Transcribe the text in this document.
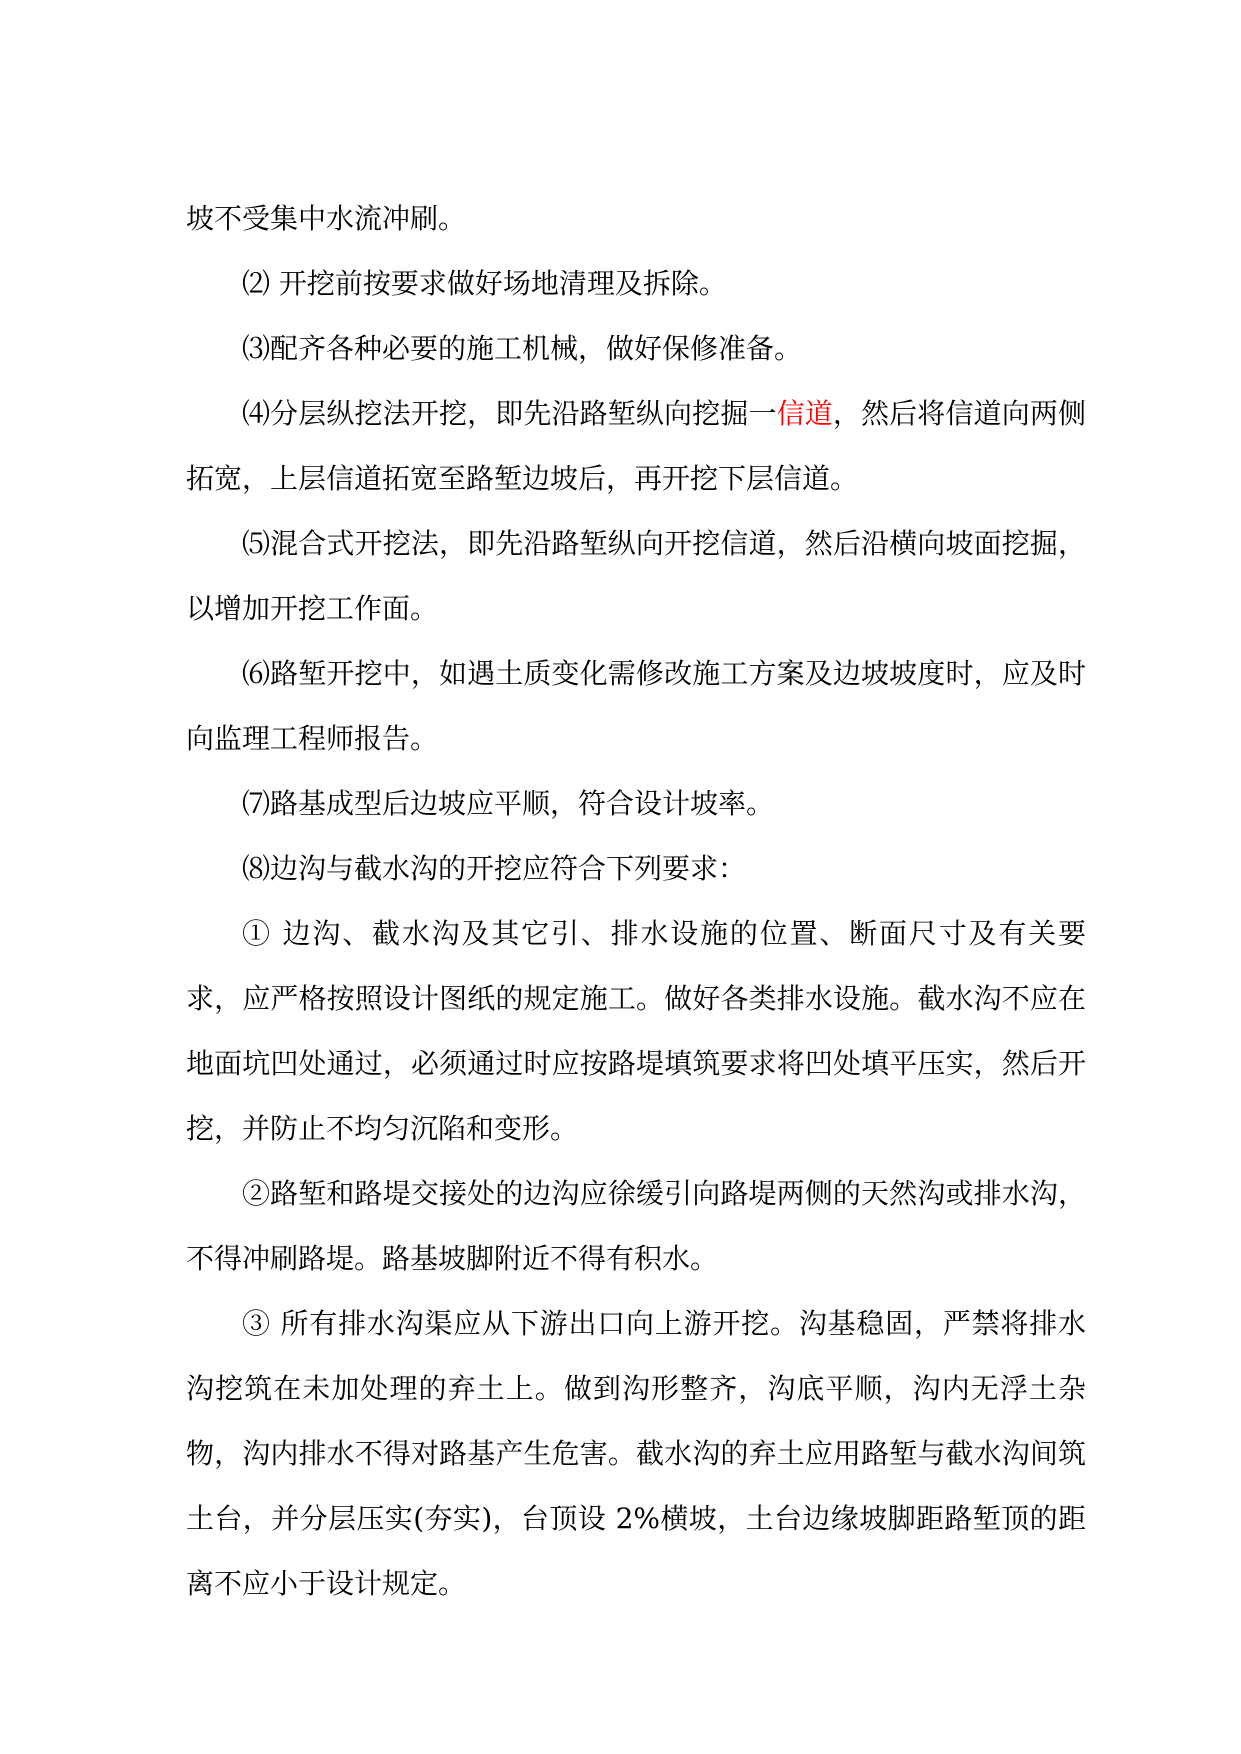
坡不受集中水流冲刷。

⑵ 开挖前按要求做好场地清理及拆除。

⑶配齐各种必要的施工机械，做好保修准备。

⑷分层纵挖法开挖，即先沿路堑纵向挖掘一信道，然后将信道向两侧拓宽，上层信道拓宽至路堑边坡后，再开挖下层信道。

⑸混合式开挖法，即先沿路堑纵向开挖信道，然后沿横向坡面挖掘，以增加开挖工作面。

⑹路堑开挖中，如遇土质变化需修改施工方案及边坡坡度时，应及时向监理工程师报告。

⑺路基成型后边坡应平顺，符合设计坡率。

⑻边沟与截水沟的开挖应符合下列要求：

① 边沟、截水沟及其它引、排水设施的位置、断面尺寸及有关要求，应严格按照设计图纸的规定施工。做好各类排水设施。截水沟不应在地面坑凹处通过，必须通过时应按路堤填筑要求将凹处填平压实，然后开挖，并防止不均匀沉陷和变形。

②路堑和路堤交接处的边沟应徐缓引向路堤两侧的天然沟或排水沟，不得冲刷路堤。路基坡脚附近不得有积水。

③ 所有排水沟渠应从下游出口向上游开挖。沟基稳固，严禁将排水沟挖筑在未加处理的弃土上。做到沟形整齐，沟底平顺，沟内无浮土杂物，沟内排水不得对路基产生危害。截水沟的弃土应用路堑与截水沟间筑土台，并分层压实(夯实)，台顶设 2%横坡，土台边缘坡脚距路堑顶的距离不应小于设计规定。
